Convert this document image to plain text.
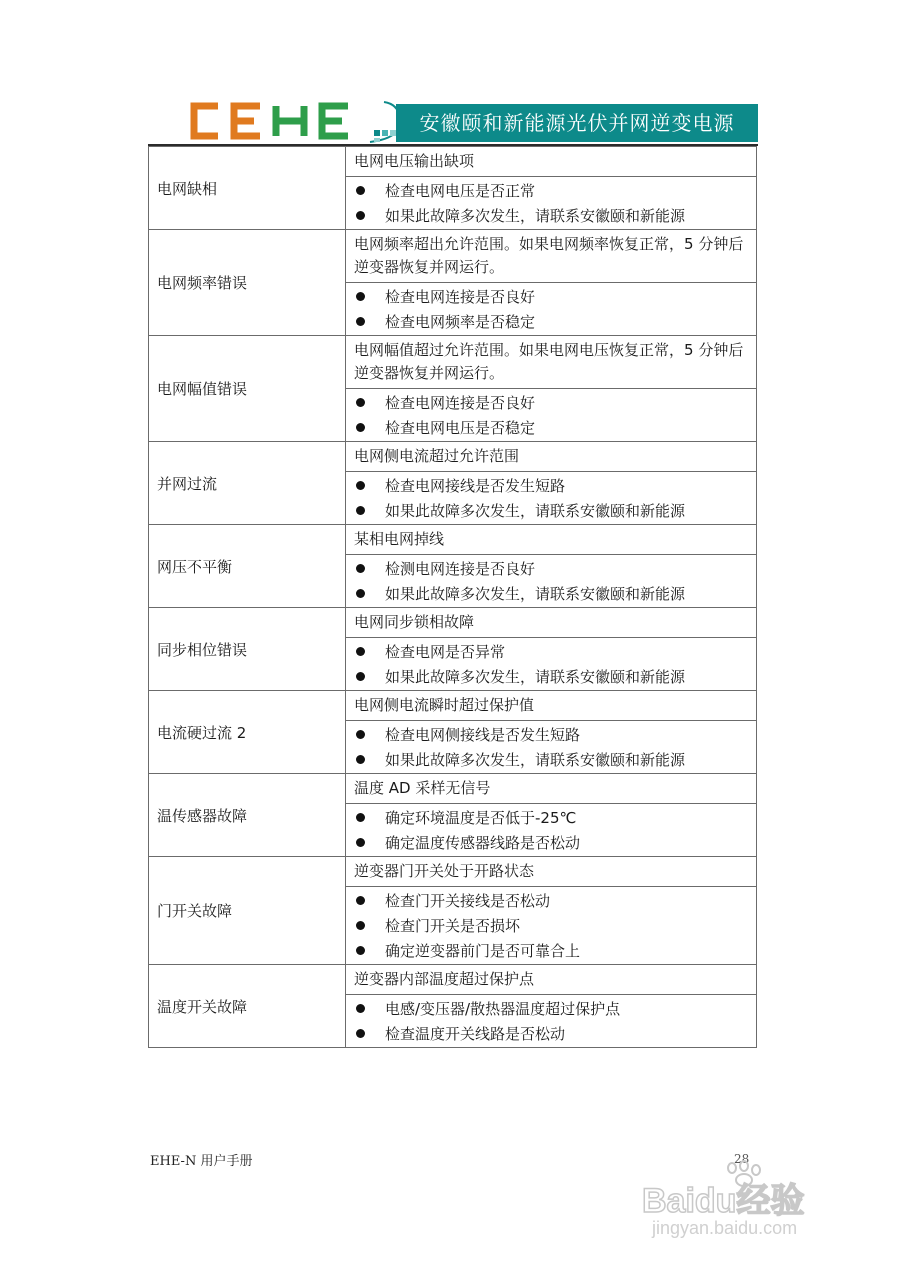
安徽颐和新能源光伏并网逆变电源
电网缺相	电网电压输出缺项
检查电网电压是否正常
如果此故障多次发生，请联系安徽颐和新能源

电网频率错误	电网频率超出允许范围。如果电网频率恢复正常，5 分钟后逆变器恢复并网运行。
检查电网连接是否良好
检查电网频率是否稳定

电网幅值错误	电网幅值超过允许范围。如果电网电压恢复正常，5 分钟后逆变器恢复并网运行。
检查电网连接是否良好
检查电网电压是否稳定

并网过流	电网侧电流超过允许范围
检查电网接线是否发生短路
如果此故障多次发生，请联系安徽颐和新能源

网压不平衡	某相电网掉线
检测电网连接是否良好
如果此故障多次发生，请联系安徽颐和新能源

同步相位错误	电网同步锁相故障
检查电网是否异常
如果此故障多次发生，请联系安徽颐和新能源

电流硬过流 2	电网侧电流瞬时超过保护值
检查电网侧接线是否发生短路
如果此故障多次发生，请联系安徽颐和新能源

温传感器故障	温度 AD 采样无信号
确定环境温度是否低于-25℃
确定温度传感器线路是否松动

门开关故障	逆变器门开关处于开路状态
检查门开关接线是否松动
检查门开关是否损坏
确定逆变器前门是否可靠合上

温度开关故障	逆变器内部温度超过保护点
电感/变压器/散热器温度超过保护点
检查温度开关线路是否松动
EHE-N 用户手册	28
Baidu经验
jingyan.baidu.com
